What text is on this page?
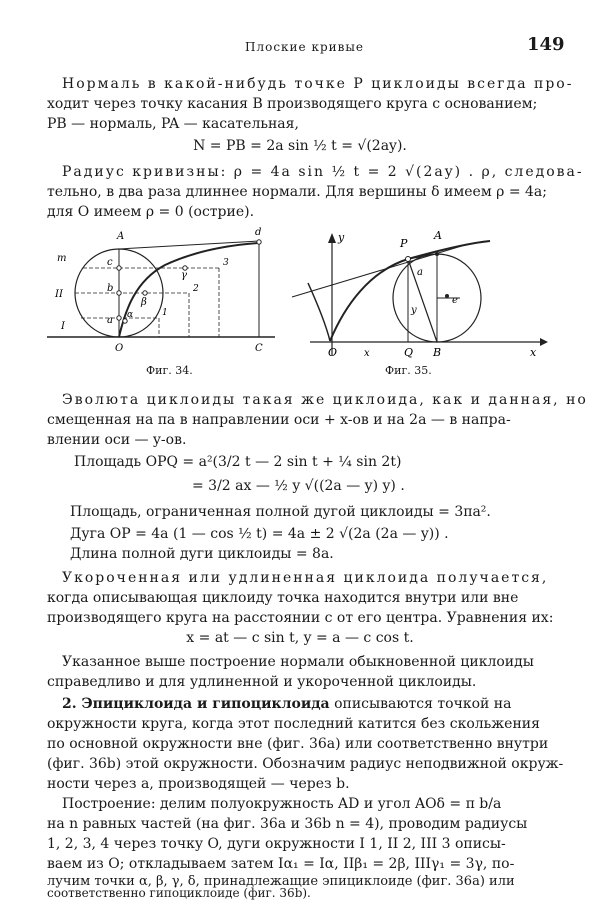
Плоские кривые	149
Нормаль в какой-нибудь точке P циклоиды всегда про-
ходит через точку касания B производящего круга с основанием;
PB — нормаль, PA — касательная,
N = PB = 2a sin ½ t = √(2ay).
Радиус кривизны: ρ = 4a sin ½ t = 2 √(2ay) . ρ, следова-
тельно, в два раза длиннее нормали. Для вершины δ имеем ρ = 4a;
для O имеем ρ = 0 (острие).
A	d
m	c
γ
3
II
b
β
2
I
a α	1
O	C
Фиг. 34.
y	P
A
a
y
e
O	x	Q B	x
Фиг. 35.
Эволюта циклоиды такая же циклоида, как и данная, но
смещенная на πa в направлении оси + x-ов и на 2a — в напра-
влении оси — y-ов.
Площадь OPQ = a²(3/2 t — 2 sin t + ¼ sin 2t)
= 3/2 ax — ½ y √((2a — y) y) .
Площадь, ограниченная полной дугой циклоиды = 3πa².
Дуга OP = 4a (1 — cos ½ t) = 4a ± 2 √(2a (2a — y)) .
Длина полной дуги циклоиды = 8a.
Укороченная или удлиненная циклоида получается,
когда описывающая циклоиду точка находится внутри или вне
производящего круга на расстоянии c от его центра. Уравнения их:
x = at — c sin t, y = a — c cos t.
Указанное выше построение нормали обыкновенной циклоиды
справедливо и для удлиненной и укороченной циклоиды.
2. Эпициклоида и гипоциклоида описываются точкой на
окружности круга, когда этот последний катится без скольжения
по основной окружности вне (фиг. 36a) или соответственно внутри
(фиг. 36b) этой окружности. Обозначим радиус неподвижной окруж-
ности через a, производящей — через b.
Построение: делим полуокружность AD и угол AOδ = π b/a
на n равных частей (на фиг. 36a и 36b n = 4), проводим радиусы
1, 2, 3, 4 через точку O, дуги окружности I 1, II 2, III 3 описы-
ваем из O; откладываем затем Iα₁ = Iα, IIβ₁ = 2β, IIIγ₁ = 3γ, по-
лучим точки α, β, γ, δ, принадлежащие эпициклоиде (фиг. 36a) или
соответственно гипоциклоиде (фиг. 36b).
